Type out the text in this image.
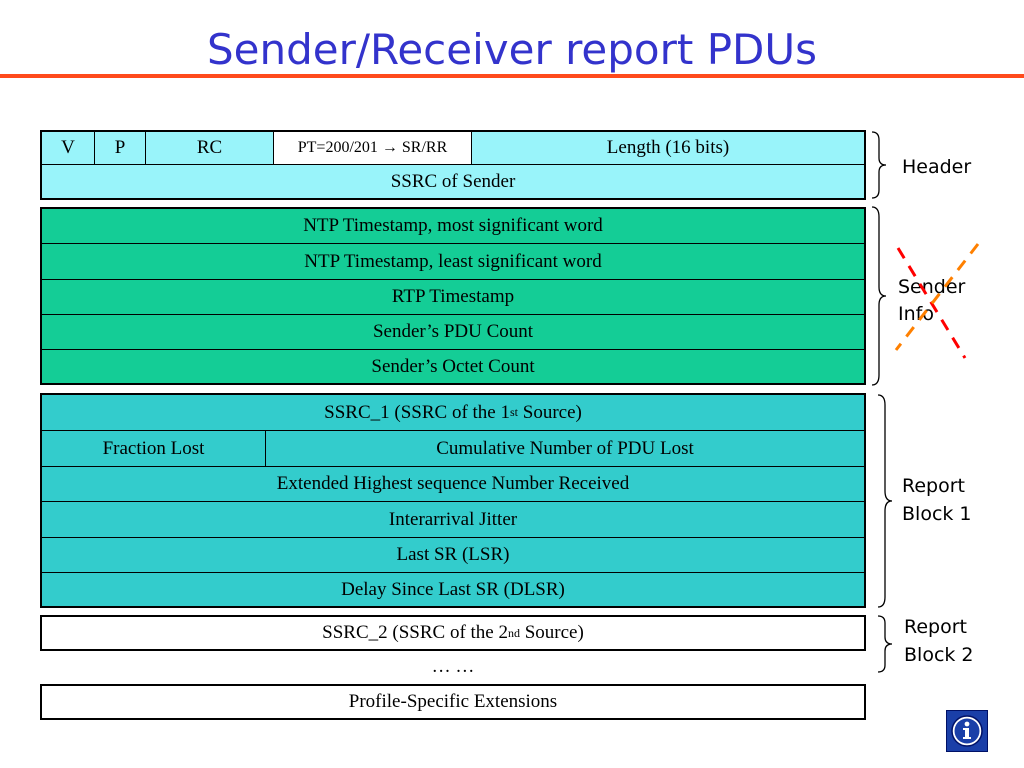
Sender/Receiver report PDUs
V	P	RC	PT=200/201 → SR/RR	Length (16 bits)
SSRC of Sender
NTP Timestamp, most significant word
NTP Timestamp, least significant word
RTP Timestamp
Sender’s PDU Count
Sender’s Octet Count
SSRC_1 (SSRC of the 1 st Source)
Fraction Lost	Cumulative Number of PDU Lost
Extended Highest sequence Number Received
Interarrival Jitter
Last SR (LSR)
Delay Since Last SR (DLSR)
SSRC_2 (SSRC of the 2 nd Source)
… …
Profile-Specific Extensions
Header
Sender
Info
Report
Block 1
Report
Block 2
